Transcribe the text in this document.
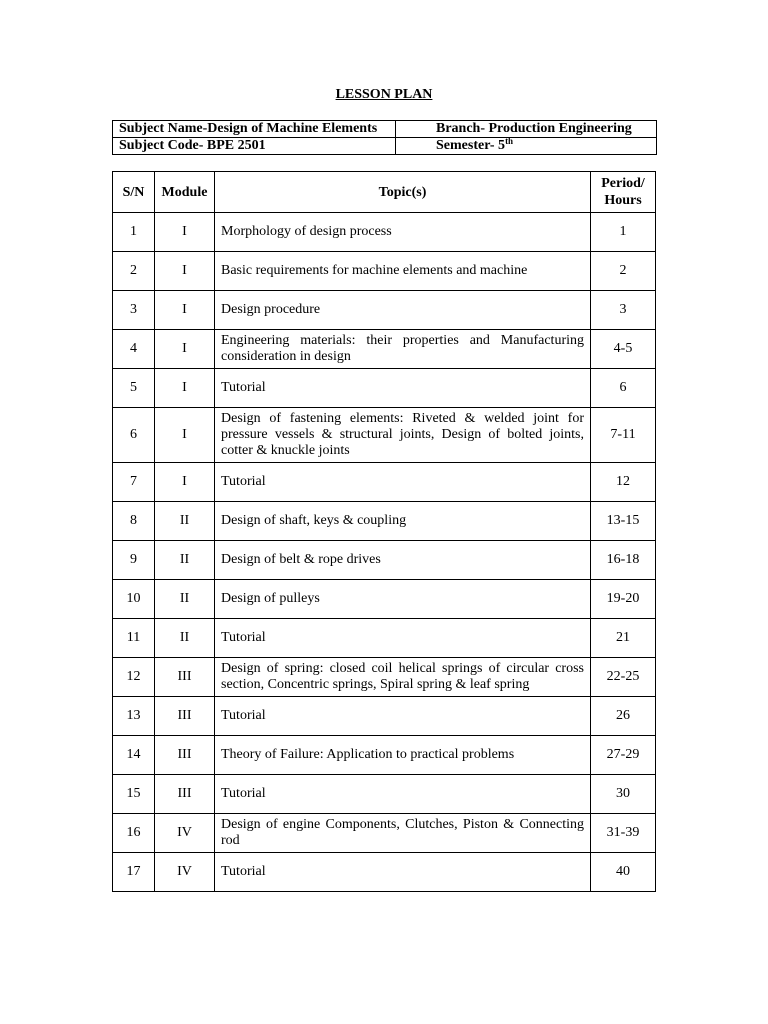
LESSON PLAN
Subject Name-Design of Machine Elements	Branch- Production Engineering
Subject Code- BPE 2501	Semester- 5th
S/N	Module	Topic(s)	Period/ Hours
1	I	Morphology of design process	1
2	I	Basic requirements for machine elements and machine	2
3	I	Design procedure	3
4	I	Engineering materials: their properties and Manufacturing consideration in design	4-5
5	I	Tutorial	6
6	I	Design of fastening elements: Riveted & welded joint for pressure vessels & structural joints, Design of bolted joints, cotter & knuckle joints	7-11
7	I	Tutorial	12
8	II	Design of shaft, keys & coupling	13-15
9	II	Design of belt & rope drives	16-18
10	II	Design of pulleys	19-20
11	II	Tutorial	21
12	III	Design of spring: closed coil helical springs of circular cross section, Concentric springs, Spiral spring & leaf spring	22-25
13	III	Tutorial	26
14	III	Theory of Failure: Application to practical problems	27-29
15	III	Tutorial	30
16	IV	Design of engine Components, Clutches, Piston & Connecting rod	31-39
17	IV	Tutorial	40
